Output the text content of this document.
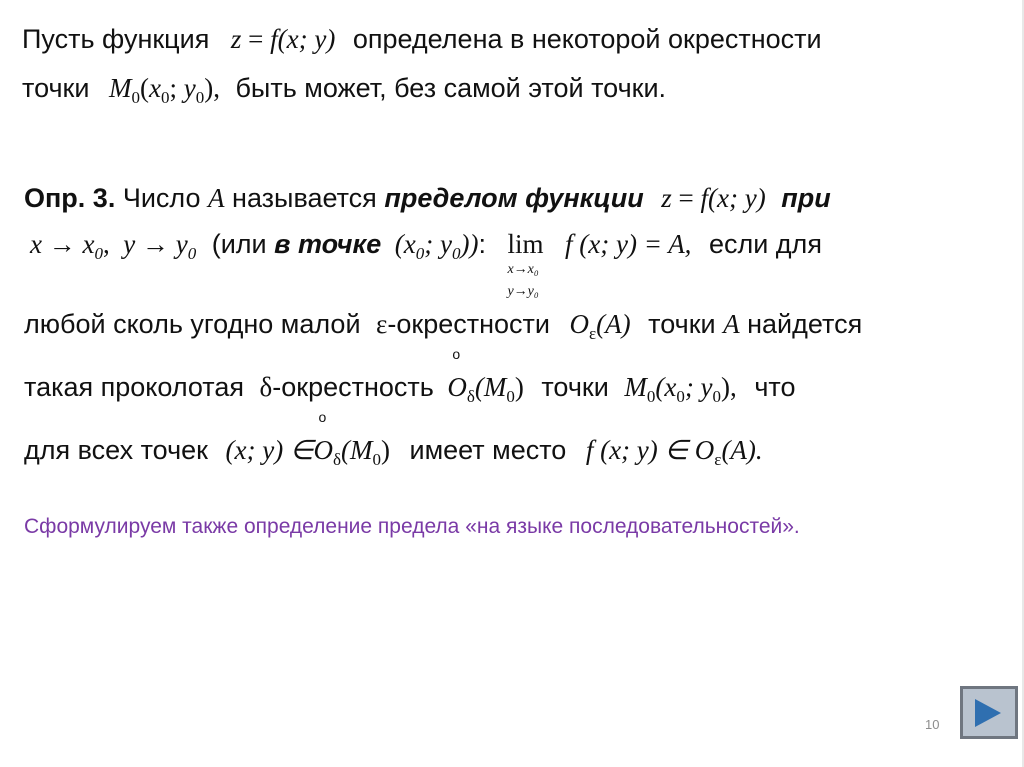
Пусть функция z = f(x; y) определена в некоторой окрестности
точки $M_0(x_0$; $y_0$), быть может, без самой этой точки.
Опр. 3. Число A называется пределом функции z = f(x; y) при
$x \to x_0$, $y \to y_0$ (или в точке ($x_0$; $y_0$)): lim
x→x₀
y→y₀
f (x; y) = A, если для
любой сколь угодно малой ε-окрестности $O_\varepsilon(A)$ точки A найдется
такая проколотая δ-окрестность
o
$O_\delta(M_0)$ точки $M_0(x_0$; $y_0$), что
для всех точек (x; y) ∈
o
$O_\delta(M_0)$ имеет место f (x; y) ∈ $O_\varepsilon(A)$.
Сформулируем также определение предела «на языке последовательностей».
10
